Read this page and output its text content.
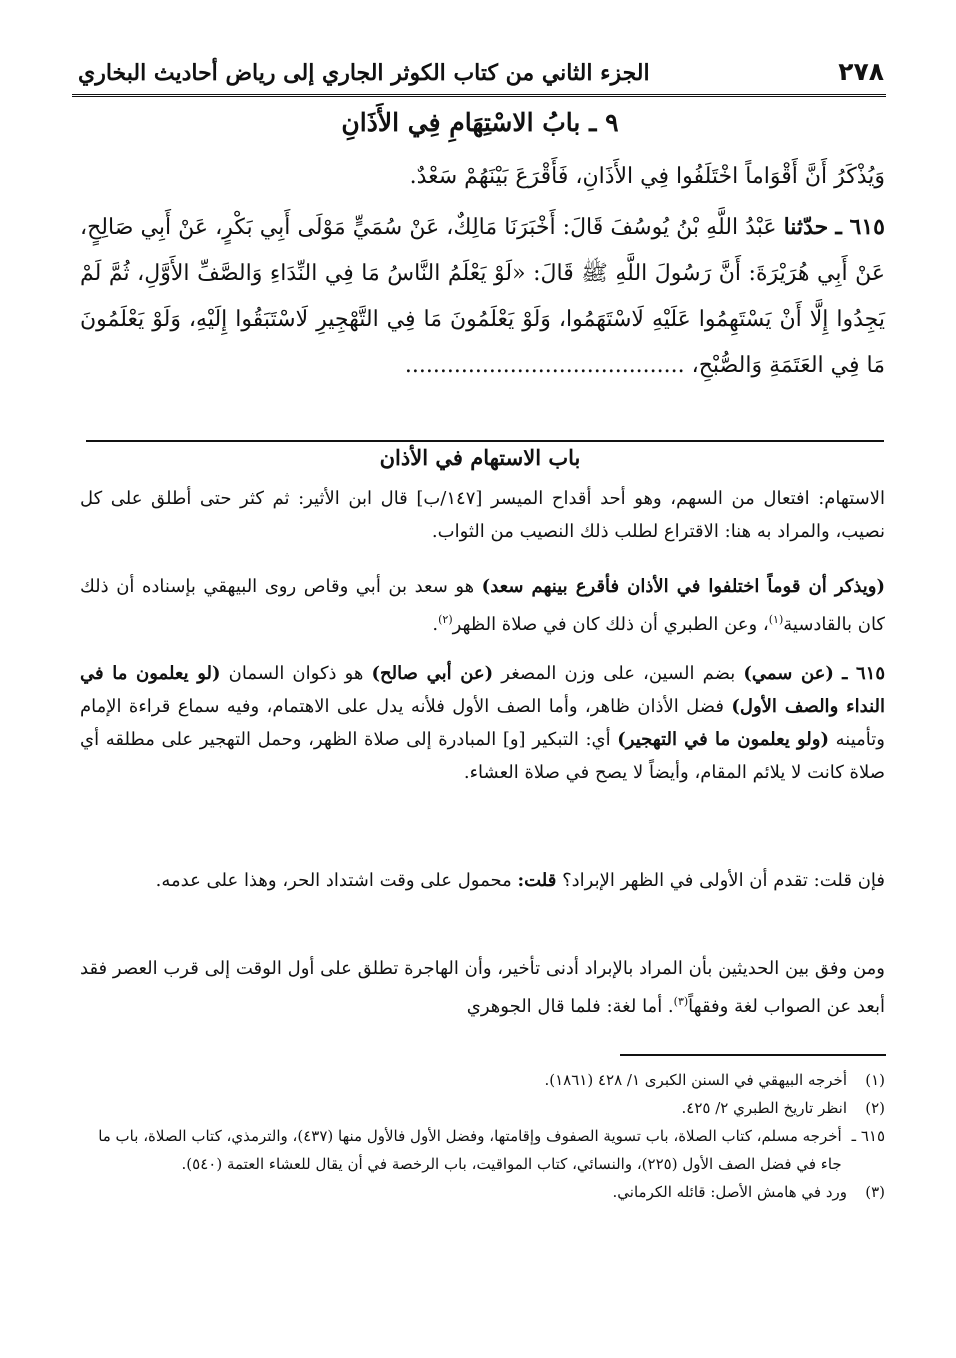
٢٧٨
الجزء الثاني من كتاب الكوثر الجاري إلى رياض أحاديث البخاري
٩ ـ بابُ الاسْتِهَامِ فِي الأَذَانِ
وَيُذْكَرُ أَنَّ أَقْوَاماً اخْتَلَفُوا فِي الأَذَانِ، فَأَقْرَعَ بَيْنَهُمْ سَعْدٌ.
٦١٥ ـ حدّثنا عَبْدُ اللَّهِ بْنُ يُوسُفَ قَالَ: أَخْبَرَنَا مَالِكٌ، عَنْ سُمَيٍّ مَوْلَى أَبِي بَكْرٍ، عَنْ أَبِي صَالِحٍ، عَنْ أَبِي هُرَيْرَةَ: أَنَّ رَسُولَ اللَّهِ ﷺ قَالَ: «لَوْ يَعْلَمُ النَّاسُ مَا فِي النِّدَاءِ وَالصَّفِّ الأَوَّلِ، ثُمَّ لَمْ يَجِدُوا إِلَّا أَنْ يَسْتَهِمُوا عَلَيْهِ لَاسْتَهَمُوا، وَلَوْ يَعْلَمُونَ مَا فِي التَّهْجِيرِ لَاسْتَبَقُوا إِلَيْهِ، وَلَوْ يَعْلَمُونَ مَا فِي العَتَمَةِ وَالصُّبْحِ، ........................................
باب الاستهام في الأذان
الاستهام: افتعال من السهم، وهو أحد أقداح الميسر [١٤٧/ب] قال ابن الأثير: ثم كثر حتى أطلق على كل نصيب، والمراد به هنا: الاقتراع لطلب ذلك النصيب من الثواب.
(ويذكر أن قوماً اختلفوا في الأذان فأقرع بينهم سعد) هو سعد بن أبي وقاص روى البيهقي بإسناده أن ذلك كان بالقادسية$^{(١)}$، وعن الطبري أن ذلك كان في صلاة الظهر$^{(٢)}$.
٦١٥ ـ (عن سمي) بضم السين، على وزن المصغر (عن أبي صالح) هو ذكوان السمان (لو يعلمون ما في النداء والصف الأول) فضل الأذان ظاهر، وأما الصف الأول فلأنه يدل على الاهتمام، وفيه سماع قراءة الإمام وتأمينه (ولو يعلمون ما في التهجير) أي: التبكير [و] المبادرة إلى صلاة الظهر، وحمل التهجير على مطلقه أي صلاة كانت لا يلائم المقام، وأيضاً لا يصح في صلاة العشاء.
فإن قلت: تقدم أن الأولى في الظهر الإبراد؟ قلت: محمول على وقت اشتداد الحر، وهذا على عدمه.
ومن وفق بين الحديثين بأن المراد بالإبراد أدنى تأخير، وأن الهاجرة تطلق على أول الوقت إلى قرب العصر فقد أبعد عن الصواب لغة وفقهاً$^{(٣)}$. أما لغة: فلما قال الجوهري
(١)
أخرجه البيهقي في السنن الكبرى ١/ ٤٢٨ (١٨٦١).
(٢)
انظر تاريخ الطبري ٢/ ٤٢٥.
٦١٥ ـ
أخرجه مسلم، كتاب الصلاة، باب تسوية الصفوف وإقامتها، وفضل الأول فالأول منها (٤٣٧)، والترمذي، كتاب الصلاة، باب ما جاء في فضل الصف الأول (٢٢٥)، والنسائي، كتاب المواقيت، باب الرخصة في أن يقال للعشاء العتمة (٥٤٠).
(٣)
ورد في هامش الأصل: قائله الكرماني.
